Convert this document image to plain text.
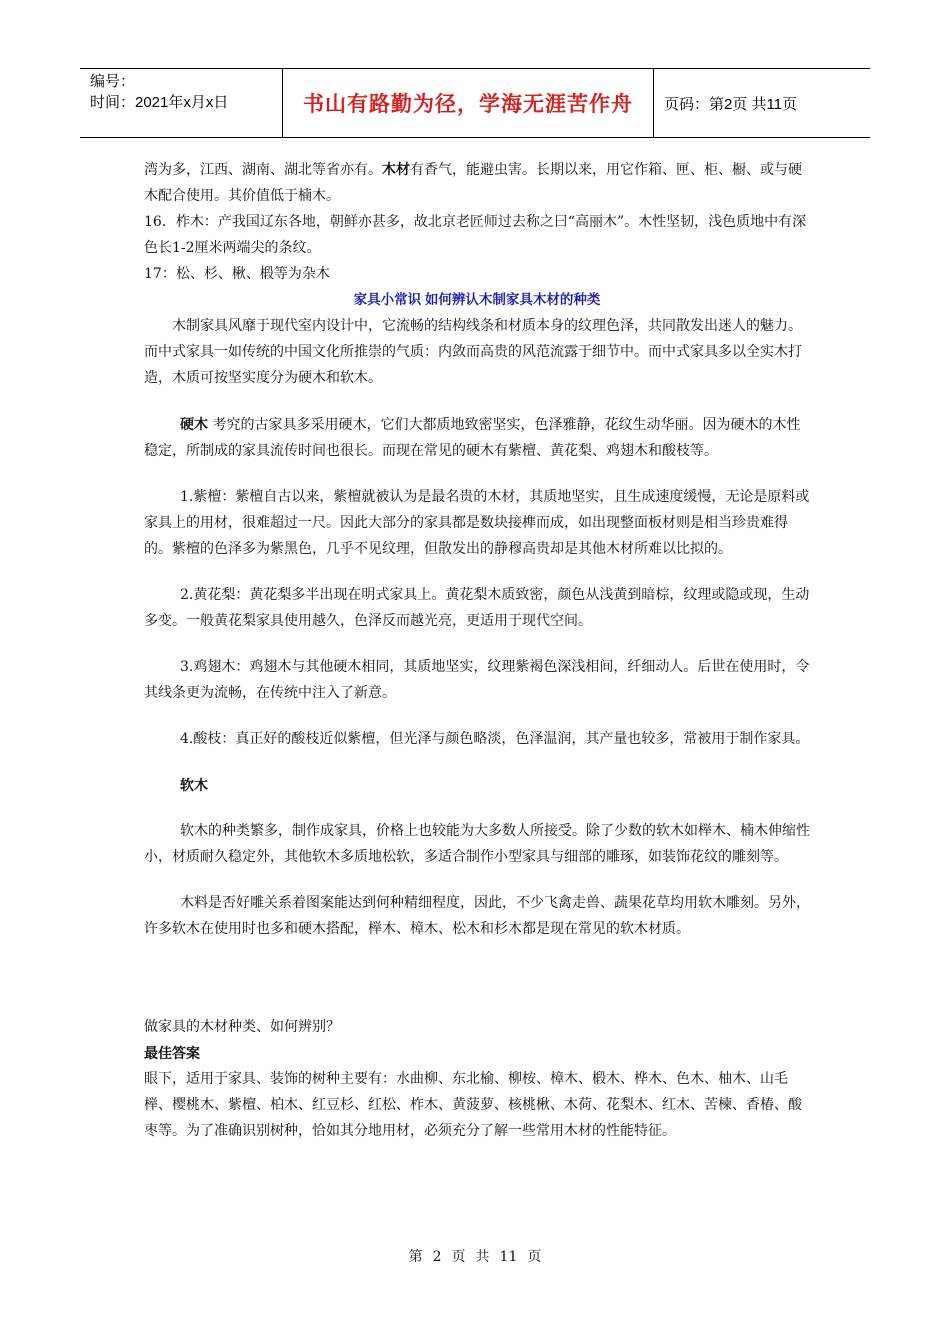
编号：
时间：2021年x月x日	书山有路勤为径，学海无涯苦作舟	页码：第2页 共11页

湾为多，江西、湖南、湖北等省亦有。木材有香气，能避虫害。长期以来，用它作箱、匣、柜、橱、或与硬木配合使用。其价值低于楠木。

16．柞木：产我国辽东各地，朝鲜亦甚多，故北京老匠师过去称之曰“高丽木”。木性坚韧，浅色质地中有深色长1-2厘米两端尖的条纹。

17：松、杉、楸、椴等为杂木

家具小常识 如何辨认木制家具木材的种类

木制家具风靡于现代室内设计中，它流畅的结构线条和材质本身的纹理色泽，共同散发出迷人的魅力。而中式家具一如传统的中国文化所推崇的气质：内敛而高贵的风范流露于细节中。而中式家具多以全实木打造，木质可按坚实度分为硬木和软木。

硬木 考究的古家具多采用硬木，它们大都质地致密坚实，色泽雅静，花纹生动华丽。因为硬木的木性稳定，所制成的家具流传时间也很长。而现在常见的硬木有紫檀、黄花梨、鸡翅木和酸枝等。

1.紫檀：紫檀自古以来，紫檀就被认为是最名贵的木材，其质地坚实，且生成速度缓慢，无论是原料或家具上的用材，很难超过一尺。因此大部分的家具都是数块接榫而成，如出现整面板材则是相当珍贵难得的。紫檀的色泽多为紫黑色，几乎不见纹理，但散发出的静穆高贵却是其他木材所难以比拟的。

2.黄花梨：黄花梨多半出现在明式家具上。黄花梨木质致密，颜色从浅黄到暗棕，纹理或隐或现，生动多变。一般黄花梨家具使用越久，色泽反而越光亮，更适用于现代空间。

3.鸡翅木：鸡翅木与其他硬木相同，其质地坚实，纹理紫褐色深浅相间，纤细动人。后世在使用时，令其线条更为流畅，在传统中注入了新意。

4.酸枝：真正好的酸枝近似紫檀，但光泽与颜色略淡，色泽温润，其产量也较多，常被用于制作家具。

软木

软木的种类繁多，制作成家具，价格上也较能为大多数人所接受。除了少数的软木如榉木、楠木伸缩性小，材质耐久稳定外，其他软木多质地松软，多适合制作小型家具与细部的雕琢，如装饰花纹的雕刻等。

木料是否好雕关系着图案能达到何种精细程度，因此，不少飞禽走兽、蔬果花草均用软木雕刻。另外，许多软木在使用时也多和硬木搭配，榉木、樟木、松木和杉木都是现在常见的软木材质。

做家具的木材种类、如何辨别？

最佳答案

眼下，适用于家具、装饰的树种主要有：水曲柳、东北榆、柳桉、樟木、椴木、桦木、色木、柚木、山毛榉、樱桃木、紫檀、柏木、红豆杉、红松、柞木、黄菠萝、核桃楸、木荷、花梨木、红木、苦楝、香椿、酸枣等。为了准确识别树种，恰如其分地用材，必须充分了解一些常用木材的性能特征。

第 2 页 共 11 页
